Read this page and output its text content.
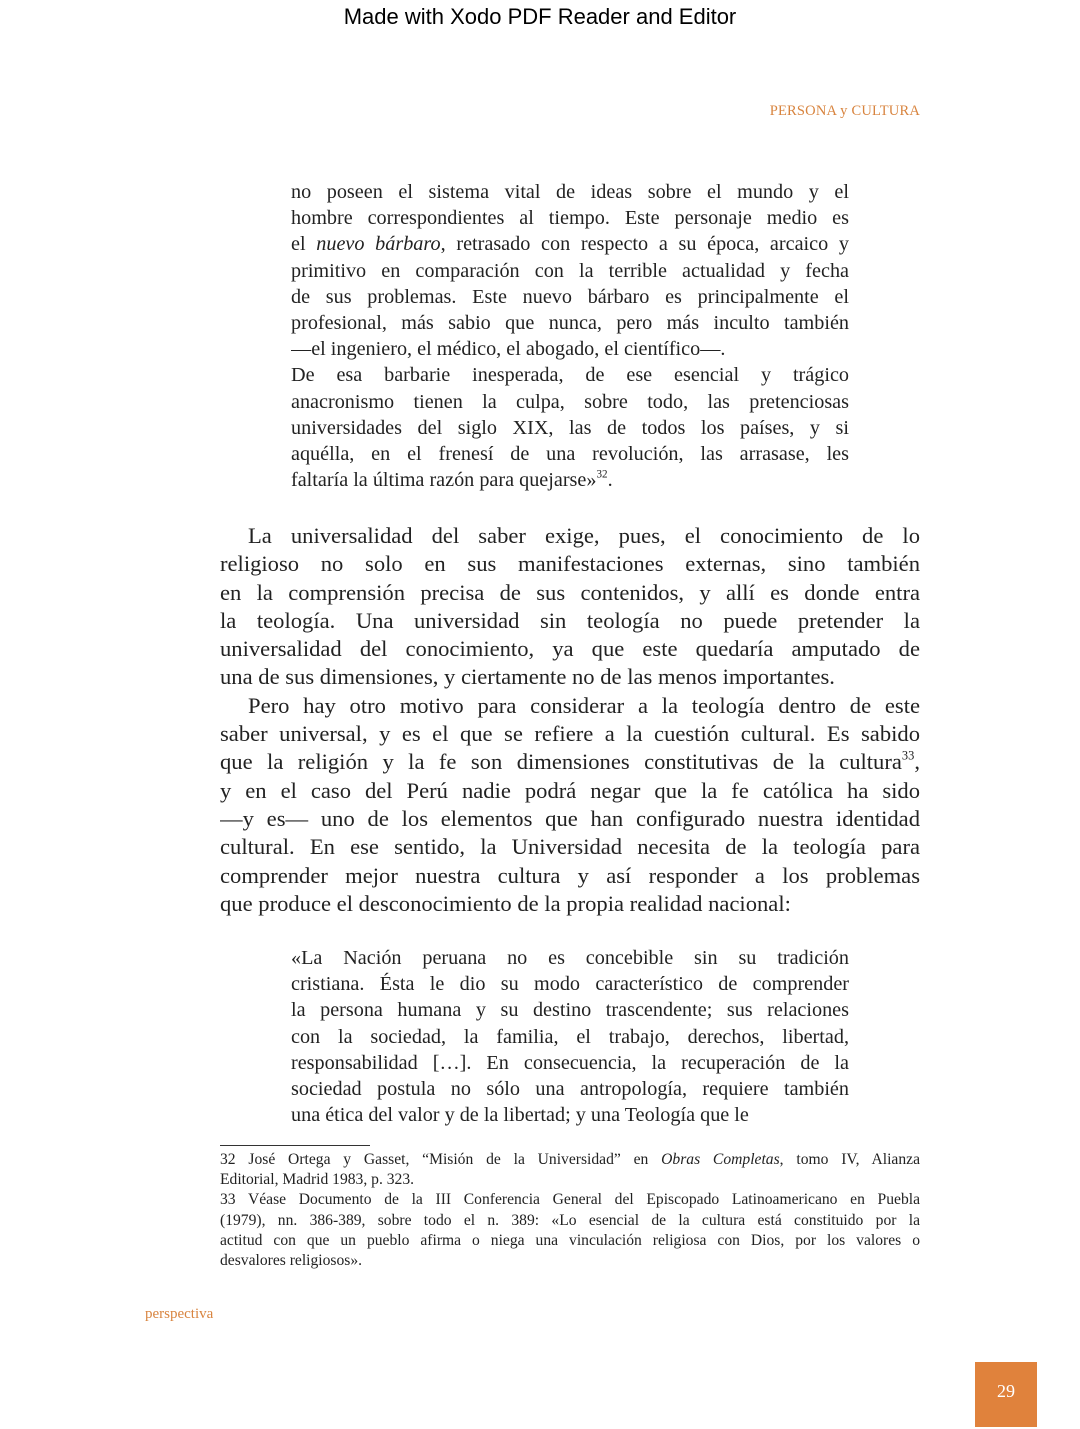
Made with Xodo PDF Reader and Editor
PERSONA y CULTURA
no poseen el sistema vital de ideas sobre el mundo y el
hombre correspondientes al tiempo. Este personaje medio es
el nuevo bárbaro, retrasado con respecto a su época, arcaico y
primitivo en comparación con la terrible actualidad y fecha
de sus problemas. Este nuevo bárbaro es principalmente el
profesional, más sabio que nunca, pero más inculto también
—el ingeniero, el médico, el abogado, el científico—.
De esa barbarie inesperada, de ese esencial y trágico
anacronismo tienen la culpa, sobre todo, las pretenciosas
universidades del siglo XIX, las de todos los países, y si
aquélla, en el frenesí de una revolución, las arrasase, les
faltaría la última razón para quejarse»$^{32}$.
La universalidad del saber exige, pues, el conocimiento de lo
religioso no solo en sus manifestaciones externas, sino también
en la comprensión precisa de sus contenidos, y allí es donde entra
la teología. Una universidad sin teología no puede pretender la
universalidad del conocimiento, ya que este quedaría amputado de
una de sus dimensiones, y ciertamente no de las menos importantes.
Pero hay otro motivo para considerar a la teología dentro de este
saber universal, y es el que se refiere a la cuestión cultural. Es sabido
que la religión y la fe son dimensiones constitutivas de la cultura$^{33}$,
y en el caso del Perú nadie podrá negar que la fe católica ha sido
—y es— uno de los elementos que han configurado nuestra identidad
cultural. En ese sentido, la Universidad necesita de la teología para
comprender mejor nuestra cultura y así responder a los problemas
que produce el desconocimiento de la propia realidad nacional:
«La Nación peruana no es concebible sin su tradición
cristiana. Ésta le dio su modo característico de comprender
la persona humana y su destino trascendente; sus relaciones
con la sociedad, la familia, el trabajo, derechos, libertad,
responsabilidad […]. En consecuencia, la recuperación de la
sociedad postula no sólo una antropología, requiere también
una ética del valor y de la libertad; y una Teología que le
32 José Ortega y Gasset, “Misión de la Universidad” en Obras Completas, tomo IV, Alianza
Editorial, Madrid 1983, p. 323.
33 Véase Documento de la III Conferencia General del Episcopado Latinoamericano en Puebla
(1979), nn. 386-389, sobre todo el n. 389: «Lo esencial de la cultura está constituido por la
actitud con que un pueblo afirma o niega una vinculación religiosa con Dios, por los valores o
desvalores religiosos».
perspectiva
29
